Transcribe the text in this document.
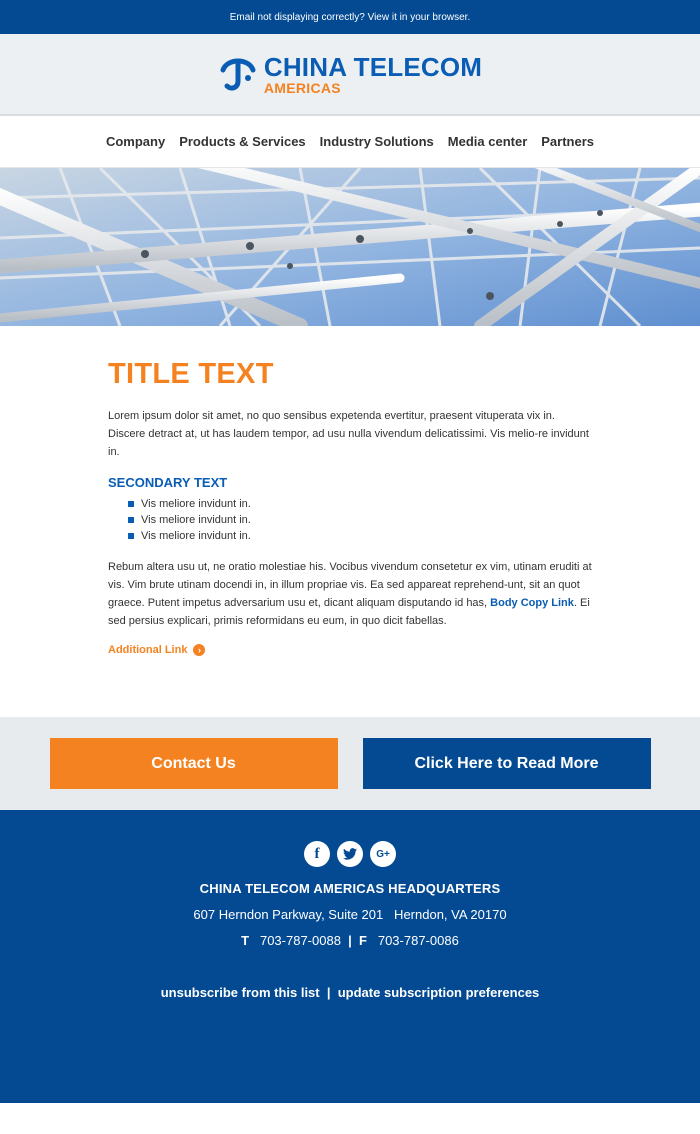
Email not displaying correctly? View it in your browser.
CHINA TELECOM
AMERICAS
Company Products & Services Industry Solutions Media center Partners
TITLE TEXT

Lorem ipsum dolor sit amet, no quo sensibus expetenda evertitur, praesent vituperata vix in. Discere detract at, ut has laudem tempor, ad usu nulla vivendum delicatissimi. Vis melio-re invidunt in.

SECONDARY TEXT
Vis meliore invidunt in.
Vis meliore invidunt in.
Vis meliore invidunt in.

Rebum altera usu ut, ne oratio molestiae his. Vocibus vivendum consetetur ex vim, utinam eruditi at vis. Vim brute utinam docendi in, in illum propriae vis. Ea sed appareat reprehend-unt, sit an quot graece. Putent impetus adversarium usu et, dicant aliquam disputando id has, Body Copy Link. Ei sed persius explicari, primis reformidans eu eum, in quo dicit fabellas.

Additional Link	›
Contact Us	Click Here to Read More
f	G+

CHINA TELECOM AMERICAS HEADQUARTERS

607 Herndon Parkway, Suite 201   Herndon, VA 20170

T 703-787-0088 | F 703-787-0086

unsubscribe from this list | update subscription preferences
